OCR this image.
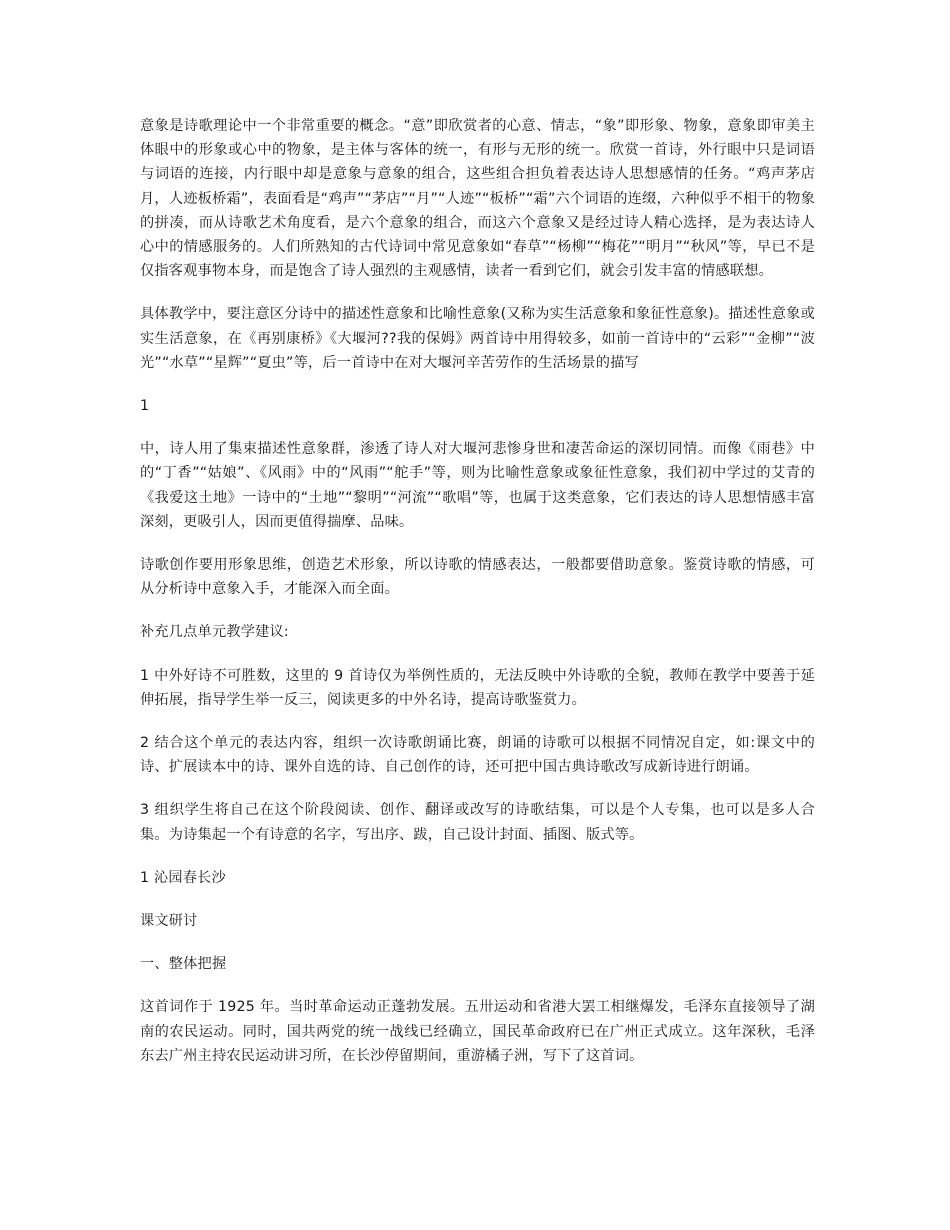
意象是诗歌理论中一个非常重要的概念。“意”即欣赏者的心意、情志，“象”即形象、物象，意象即审美主体眼中的形象或心中的物象，是主体与客体的统一，有形与无形的统一。欣赏一首诗，外行眼中只是词语与词语的连接，内行眼中却是意象与意象的组合，这些组合担负着表达诗人思想感情的任务。“鸡声茅店月，人迹板桥霜”，表面看是“鸡声”“茅店”“月”“人迹”“板桥”“霜”六个词语的连缀，六种似乎不相干的物象的拼凑，而从诗歌艺术角度看，是六个意象的组合，而这六个意象又是经过诗人精心选择，是为表达诗人心中的情感服务的。人们所熟知的古代诗词中常见意象如“春草”“杨柳”“梅花”“明月”“秋风”等，早已不是仅指客观事物本身，而是饱含了诗人强烈的主观感情，读者一看到它们，就会引发丰富的情感联想。

具体教学中，要注意区分诗中的描述性意象和比喻性意象(又称为实生活意象和象征性意象)。描述性意象或实生活意象，在《再别康桥》《大堰河??我的保姆》两首诗中用得较多，如前一首诗中的“云彩”“金柳”“波光”“水草”“星辉”“夏虫”等，后一首诗中在对大堰河辛苦劳作的生活场景的描写

1

中，诗人用了集束描述性意象群，渗透了诗人对大堰河悲惨身世和凄苦命运的深切同情。而像《雨巷》中的“丁香”“姑娘”、《风雨》中的“风雨”“舵手”等，则为比喻性意象或象征性意象，我们初中学过的艾青的《我爱这土地》一诗中的“土地”“黎明”“河流”“歌唱”等，也属于这类意象，它们表达的诗人思想情感丰富深刻，更吸引人，因而更值得揣摩、品味。

诗歌创作要用形象思维，创造艺术形象，所以诗歌的情感表达，一般都要借助意象。鉴赏诗歌的情感，可从分析诗中意象入手，才能深入而全面。

补充几点单元教学建议:

1 中外好诗不可胜数，这里的 9 首诗仅为举例性质的，无法反映中外诗歌的全貌，教师在教学中要善于延伸拓展，指导学生举一反三，阅读更多的中外名诗，提高诗歌鉴赏力。

2 结合这个单元的表达内容，组织一次诗歌朗诵比赛，朗诵的诗歌可以根据不同情况自定，如:课文中的诗、扩展读本中的诗、课外自选的诗、自己创作的诗，还可把中国古典诗歌改写成新诗进行朗诵。

3 组织学生将自己在这个阶段阅读、创作、翻译或改写的诗歌结集，可以是个人专集，也可以是多人合集。为诗集起一个有诗意的名字，写出序、跋，自己设计封面、插图、版式等。

1 沁园春长沙

课文研讨

一、整体把握

这首词作于 1925 年。当时革命运动正蓬勃发展。五卅运动和省港大罢工相继爆发，毛泽东直接领导了湖南的农民运动。同时，国共两党的统一战线已经确立，国民革命政府已在广州正式成立。这年深秋，毛泽东去广州主持农民运动讲习所，在长沙停留期间，重游橘子洲，写下了这首词。
